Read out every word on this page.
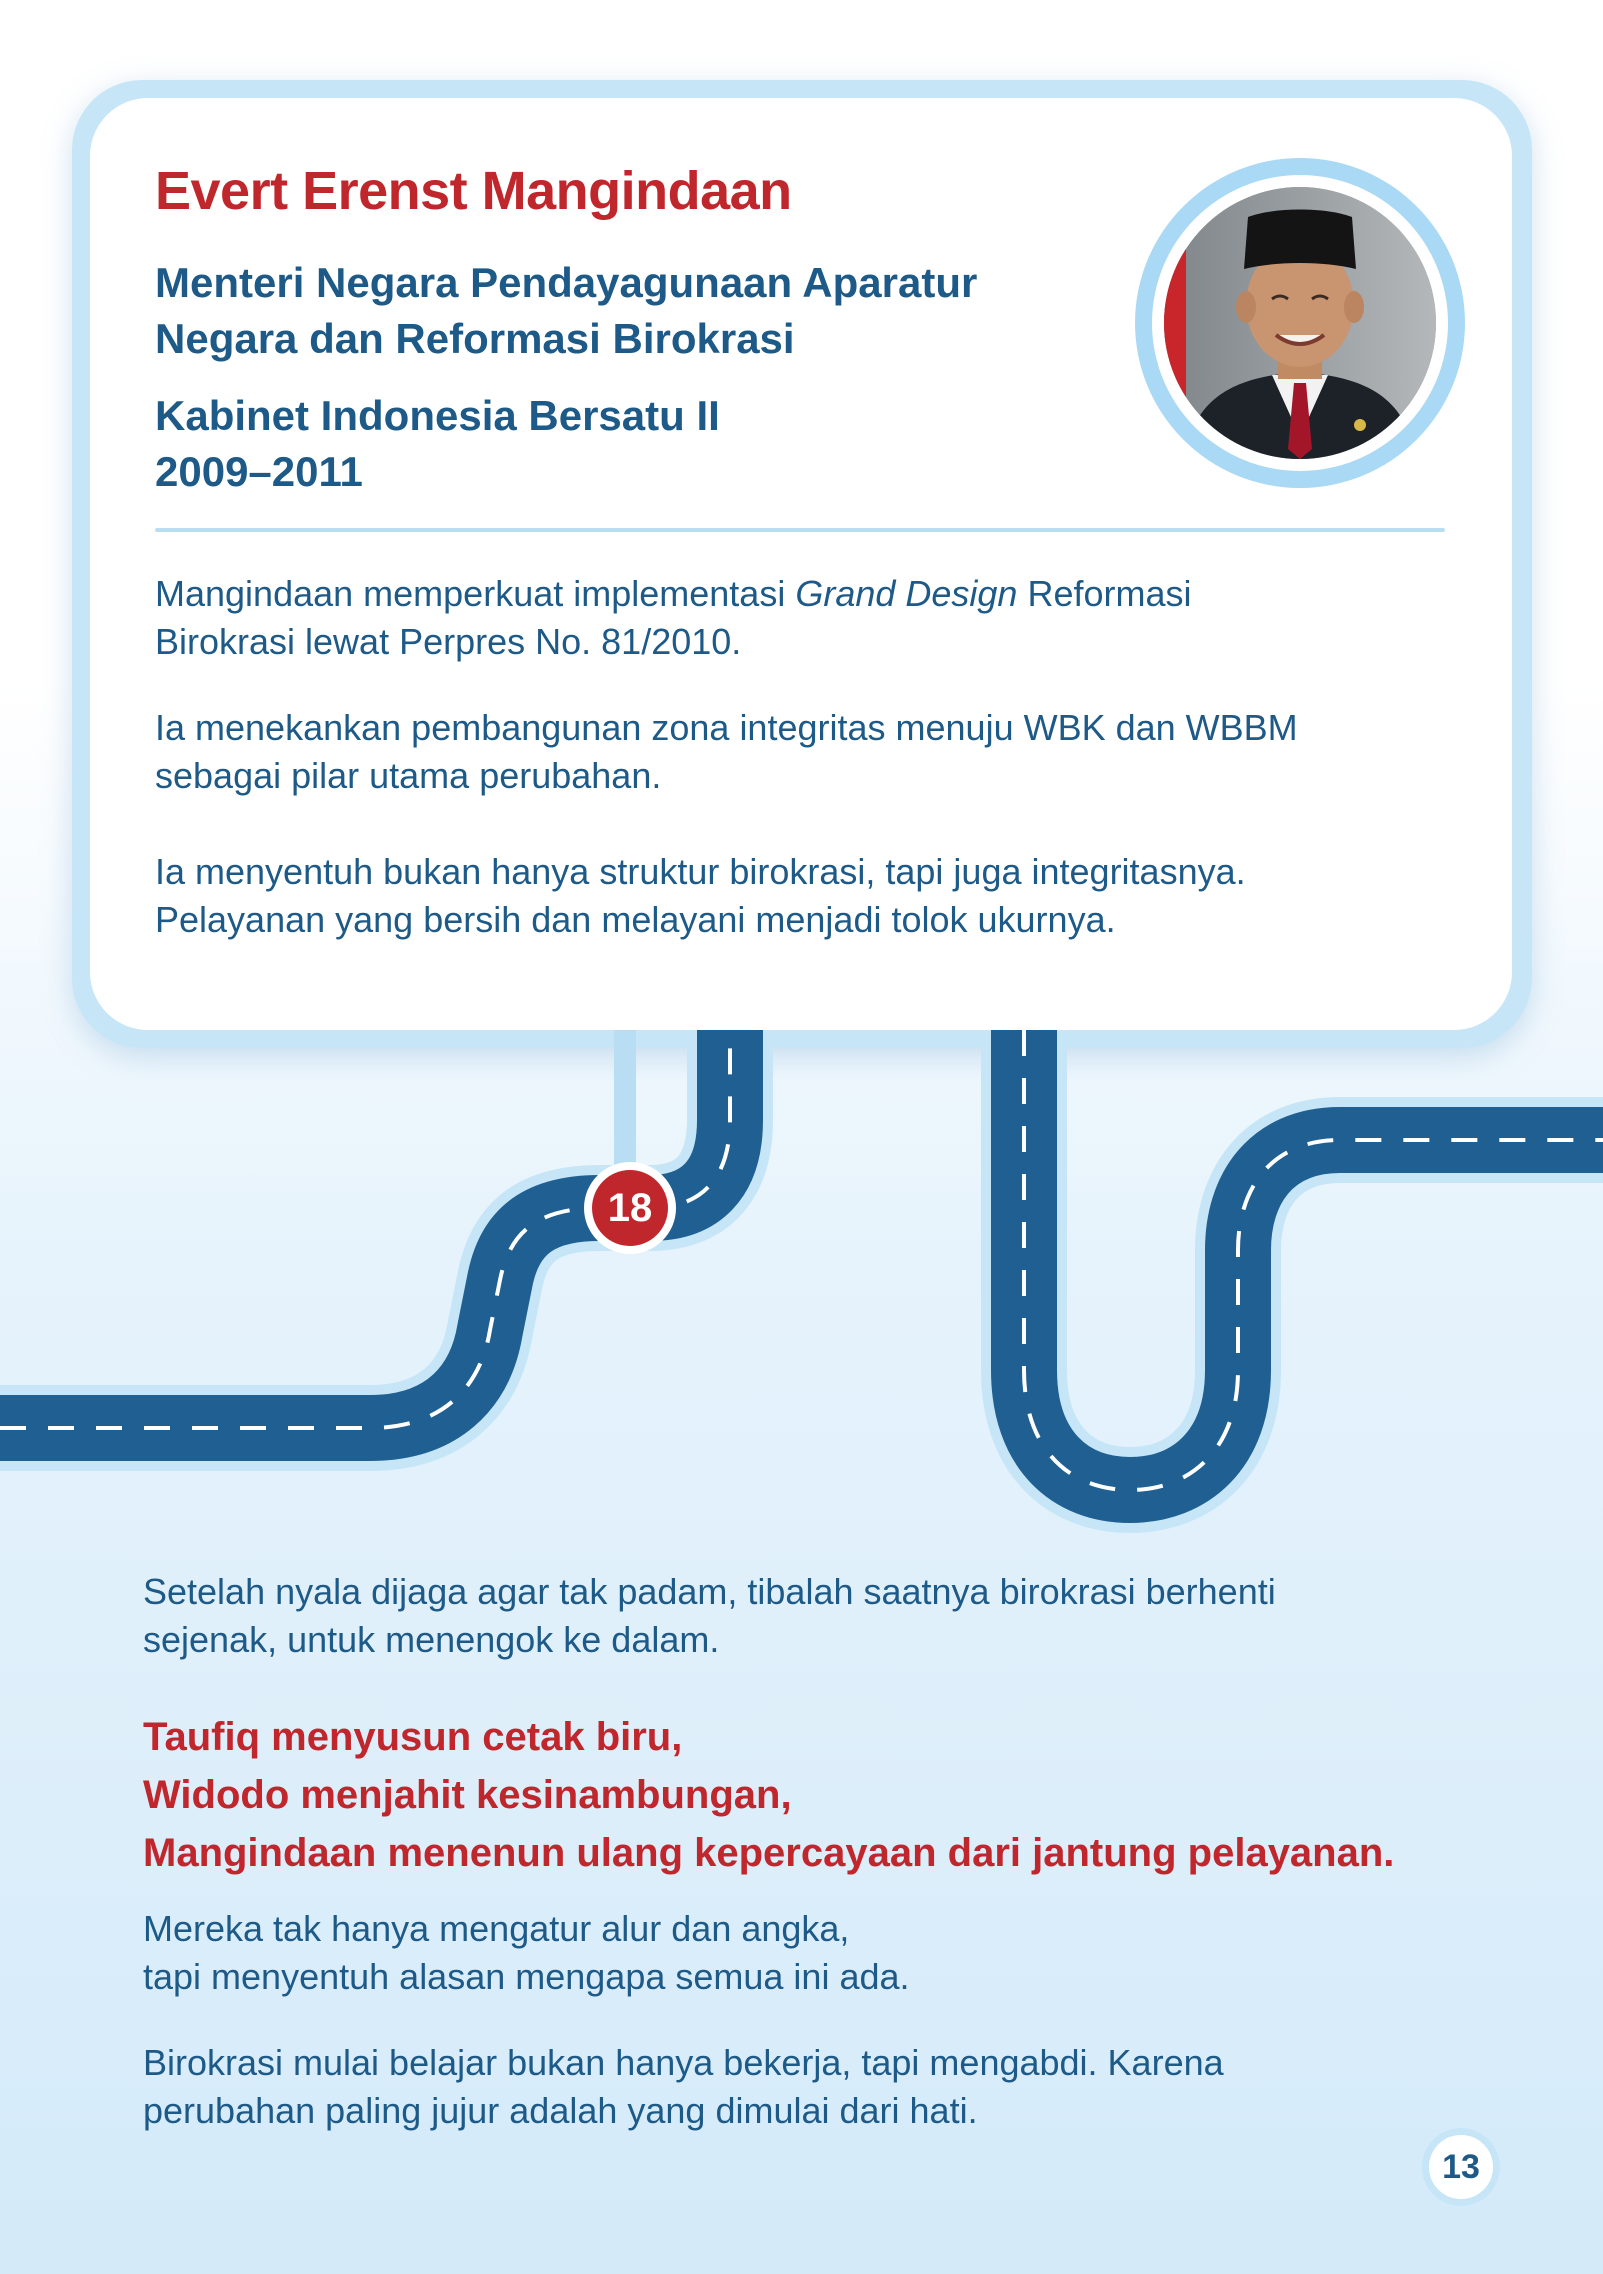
Evert Erenst Mangindaan

Menteri Negara Pendayagunaan Aparatur
Negara dan Reformasi Birokrasi

Kabinet Indonesia Bersatu II
2009–2011

Mangindaan memperkuat implementasi Grand Design Reformasi
Birokrasi lewat Perpres No. 81/2010.

Ia menekankan pembangunan zona integritas menuju WBK dan WBBM
sebagai pilar utama perubahan.

Ia menyentuh bukan hanya struktur birokrasi, tapi juga integritasnya.
Pelayanan yang bersih dan melayani menjadi tolok ukurnya.

18

Setelah nyala dijaga agar tak padam, tibalah saatnya birokrasi berhenti
sejenak, untuk menengok ke dalam.

Taufiq menyusun cetak biru,
Widodo menjahit kesinambungan,
Mangindaan menenun ulang kepercayaan dari jantung pelayanan.

Mereka tak hanya mengatur alur dan angka,
tapi menyentuh alasan mengapa semua ini ada.

Birokrasi mulai belajar bukan hanya bekerja, tapi mengabdi. Karena
perubahan paling jujur adalah yang dimulai dari hati.

13
